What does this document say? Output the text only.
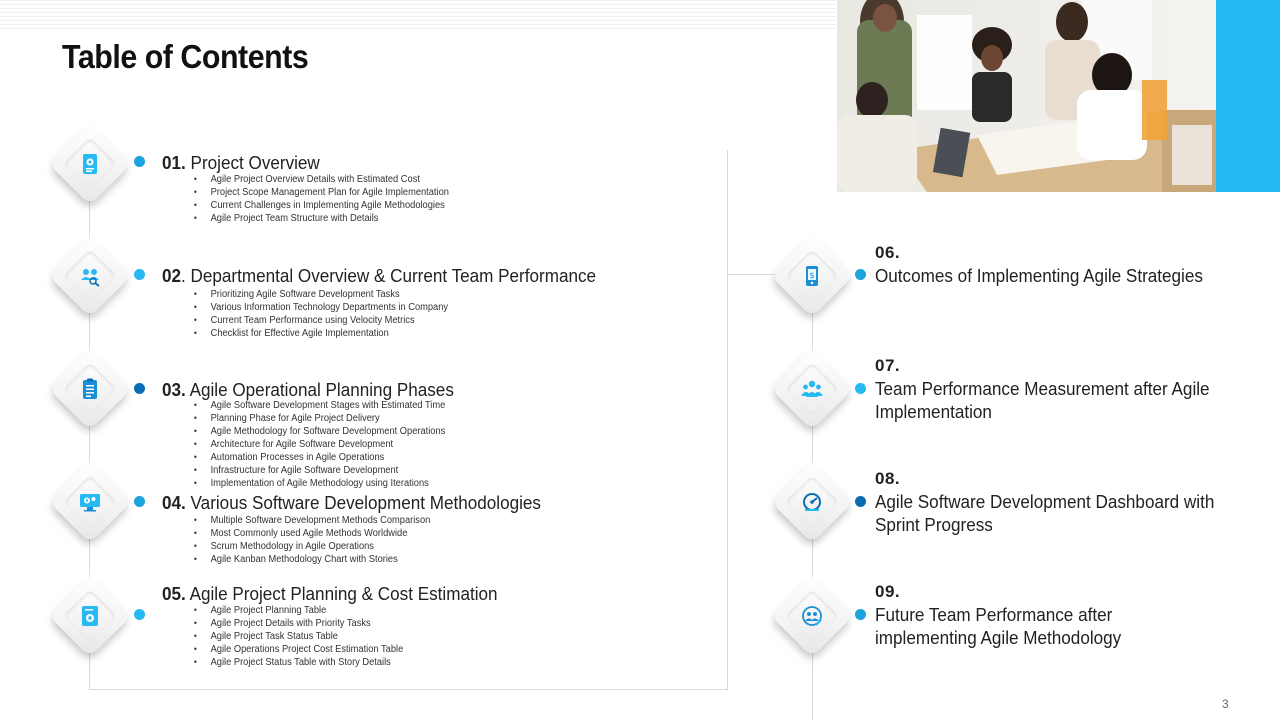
Table of Contents
01. Project Overview
• Agile Project Overview Details with Estimated Cost
• Project Scope Management Plan for Agile Implementation
• Current Challenges in Implementing Agile Methodologies
• Agile Project Team Structure with Details
02. Departmental Overview & Current Team Performance
• Prioritizing Agile Software Development Tasks
• Various Information Technology Departments in Company
• Current Team Performance using Velocity Metrics
• Checklist for Effective Agile Implementation
03. Agile Operational Planning Phases
• Agile Software Development Stages with Estimated Time
• Planning Phase for Agile Project Delivery
• Agile Methodology for Software Development Operations
• Architecture for Agile Software Development
• Automation Processes in Agile Operations
• Infrastructure for Agile Software Development
• Implementation of Agile Methodology using Iterations
04. Various Software Development Methodologies
• Multiple Software Development Methods Comparison
• Most Commonly used Agile Methods Worldwide
• Scrum Methodology in Agile Operations
• Agile Kanban Methodology Chart with Stories
05. Agile Project Planning & Cost Estimation
• Agile Project Planning Table
• Agile Project Details with Priority Tasks
• Agile Project Task Status Table
• Agile Operations Project Cost Estimation Table
• Agile Project Status Table with Story Details
$
06.
Outcomes of Implementing Agile Strategies
07.
Team Performance Measurement after Agile Implementation
08.
Agile Software Development Dashboard with Sprint Progress
09.
Future Team Performance after implementing Agile Methodology
3
